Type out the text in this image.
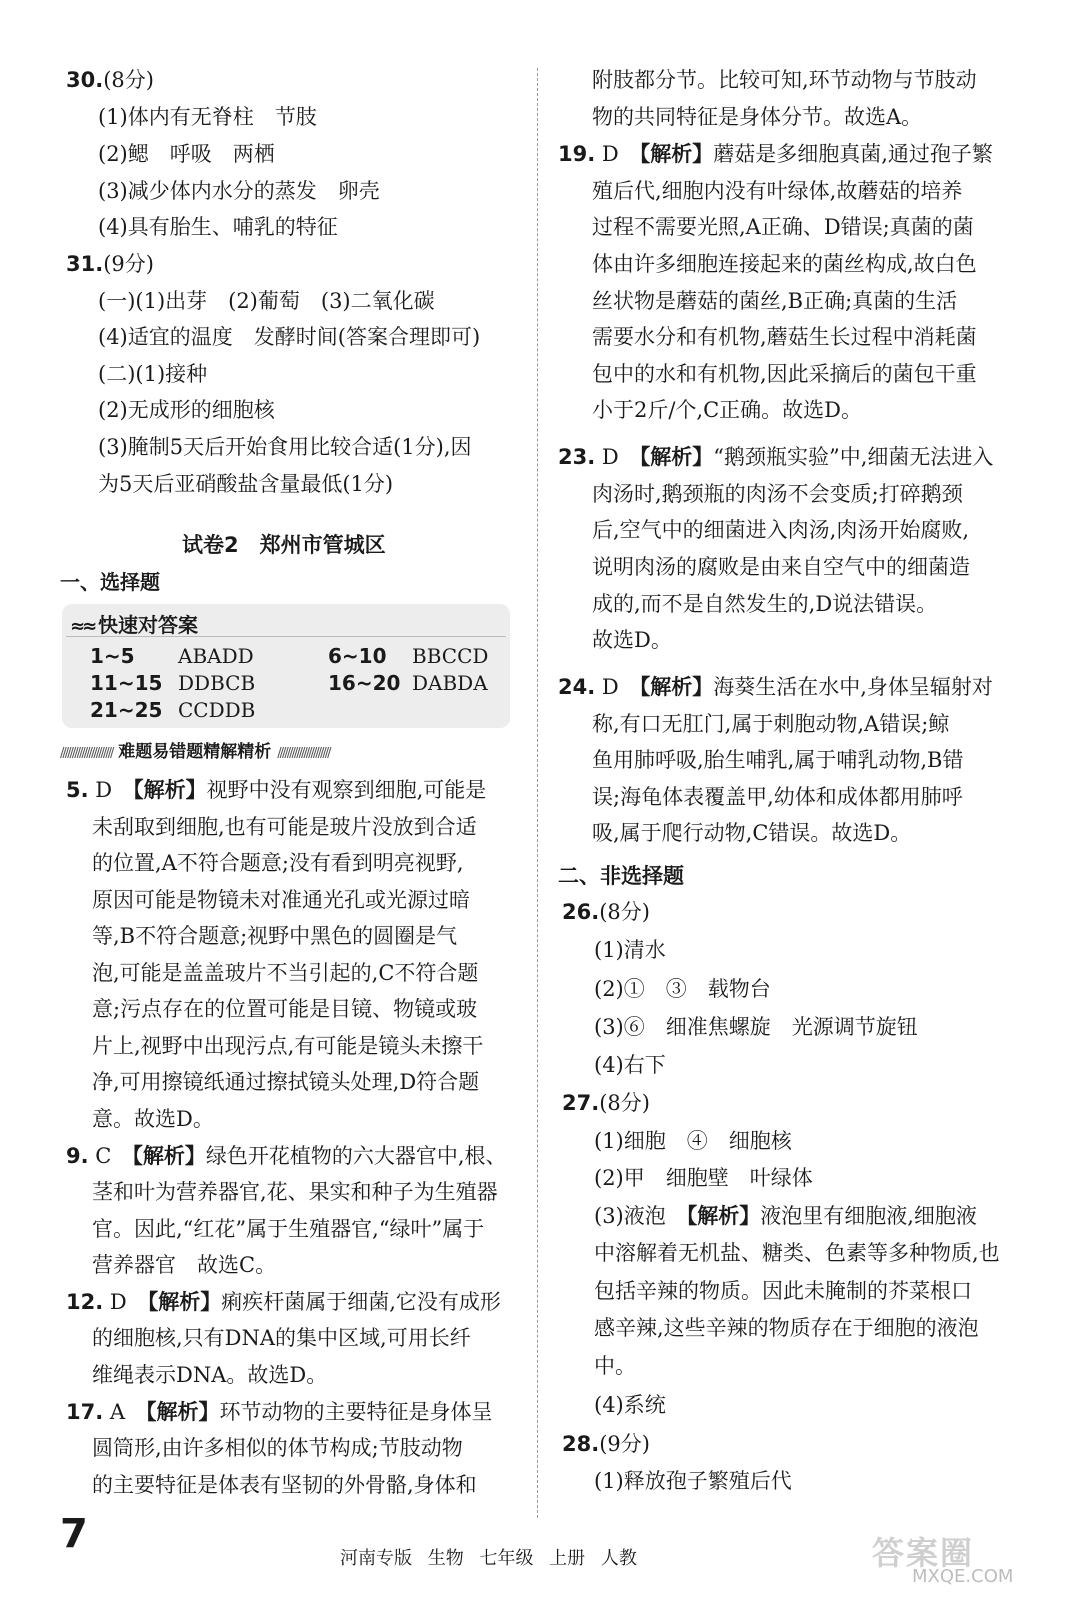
30.(8分)
(1)体内有无脊柱　节肢
(2)鳃　呼吸　两栖
(3)减少体内水分的蒸发　卵壳
(4)具有胎生、哺乳的特征
31.(9分)
(一)(1)出芽　(2)葡萄　(3)二氧化碳
(4)适宜的温度　发酵时间(答案合理即可)
(二)(1)接种
(2)无成形的细胞核
(3)腌制5天后开始食用比较合适(1分),因
为5天后亚硝酸盐含量最低(1分)
5. D　【解析】视野中没有观察到细胞,可能是
未刮取到细胞,也有可能是玻片没放到合适
的位置,A不符合题意;没有看到明亮视野,
原因可能是物镜未对准通光孔或光源过暗
等,B不符合题意;视野中黑色的圆圈是气
泡,可能是盖盖玻片不当引起的,C不符合题
意;污点存在的位置可能是目镜、物镜或玻
片上,视野中出现污点,有可能是镜头未擦干
净,可用擦镜纸通过擦拭镜头处理,D符合题
意。故选D。
9. C　【解析】绿色开花植物的六大器官中,根、
茎和叶为营养器官,花、果实和种子为生殖器
官。因此,“红花”属于生殖器官,“绿叶”属于
营养器官　故选C。
12. D　【解析】痢疾杆菌属于细菌,它没有成形
的细胞核,只有DNA的集中区域,可用长纤
维绳表示DNA。故选D。
17. A　【解析】环节动物的主要特征是身体呈
圆筒形,由许多相似的体节构成;节肢动物
的主要特征是体表有坚韧的外骨骼,身体和
附肢都分节。比较可知,环节动物与节肢动
物的共同特征是身体分节。故选A。
19. D　【解析】蘑菇是多细胞真菌,通过孢子繁
殖后代,细胞内没有叶绿体,故蘑菇的培养
过程不需要光照,A正确、D错误;真菌的菌
体由许多细胞连接起来的菌丝构成,故白色
丝状物是蘑菇的菌丝,B正确;真菌的生活
需要水分和有机物,蘑菇生长过程中消耗菌
包中的水和有机物,因此采摘后的菌包干重
小于2斤/个,C正确。故选D。
23. D　【解析】“鹅颈瓶实验”中,细菌无法进入
肉汤时,鹅颈瓶的肉汤不会变质;打碎鹅颈
后,空气中的细菌进入肉汤,肉汤开始腐败,
说明肉汤的腐败是由来自空气中的细菌造
成的,而不是自然发生的,D说法错误。
故选D。
24. D　【解析】海葵生活在水中,身体呈辐射对
称,有口无肛门,属于刺胞动物,A错误;鲸
鱼用肺呼吸,胎生哺乳,属于哺乳动物,B错
误;海龟体表覆盖甲,幼体和成体都用肺呼
吸,属于爬行动物,C错误。故选D。
二、非选择题
26.(8分)
(1)清水
(2)①　③　载物台
(3)⑥　细准焦螺旋　光源调节旋钮
(4)右下
27.(8分)
(1)细胞　④　细胞核
(2)甲　细胞壁　叶绿体
(3)液泡　【解析】液泡里有细胞液,细胞液
中溶解着无机盐、糖类、色素等多种物质,也
包括辛辣的物质。因此未腌制的芥菜根口
感辛辣,这些辛辣的物质存在于细胞的液泡
中。
(4)系统
28.(9分)
(1)释放孢子繁殖后代
试卷2　郑州市管城区
一、选择题
≈≈ 快速对答案
1~5 ABADD	6~10 BBCCD
11~15 DDBCB	16~20 DABDA
21~25 CCDDB
////////////////////// 难题易错题精解精析 //////////////////////
7
河南专版 生物 七年级 上册 人教	答案圈
MXQE.COM
